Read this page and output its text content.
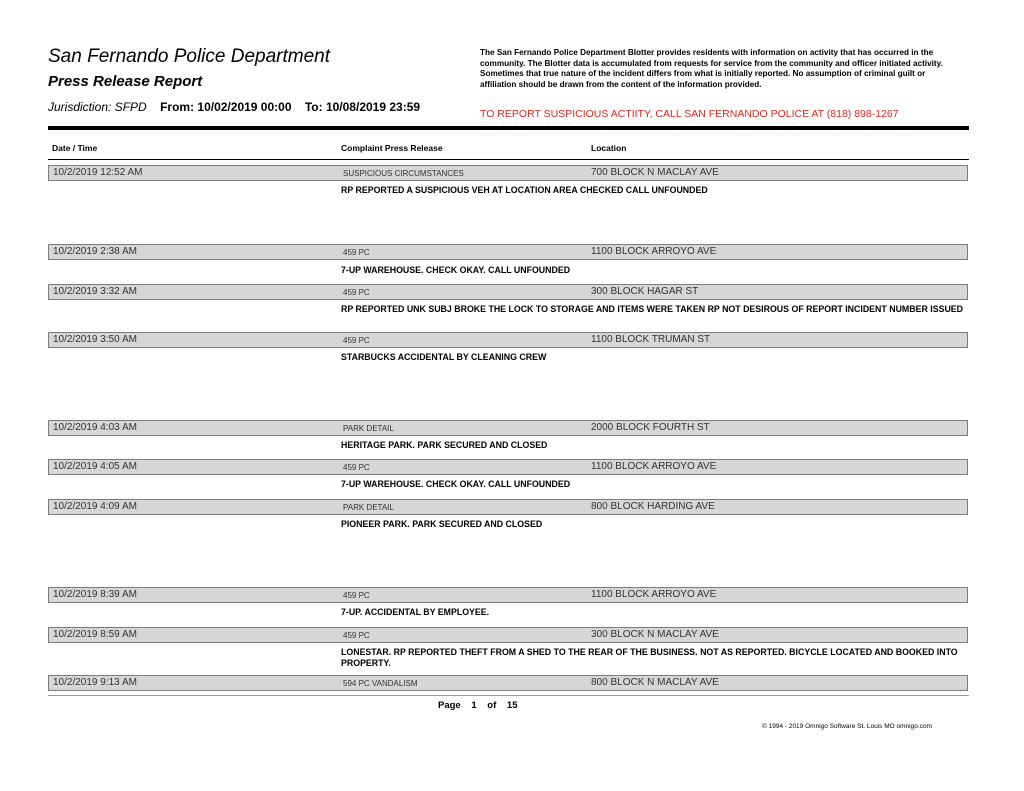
San Fernando Police Department
Press Release Report
Jurisdiction: SFPD From: 10/02/2019 00:00 To: 10/08/2019 23:59
The San Fernando Police Department Blotter provides residents with information on activity that has occurred in the community. The Blotter data is accumulated from requests for service from the community and officer initiated activity. Sometimes that true nature of the incident differs from what is initially reported. No assumption of criminal guilt or affiliation should be drawn from the content of the information provided.
TO REPORT SUSPICIOUS ACTIITY, CALL SAN FERNANDO POLICE AT (818) 898-1267
Date / Time	Complaint Press Release	Location
10/2/2019 12:52 AM	SUSPICIOUS CIRCUMSTANCES	700 BLOCK N MACLAY AVE
RP REPORTED A SUSPICIOUS VEH AT LOCATION AREA CHECKED CALL UNFOUNDED
10/2/2019 2:38 AM	459 PC	1100 BLOCK ARROYO AVE
7-UP WAREHOUSE. CHECK OKAY. CALL UNFOUNDED
10/2/2019 3:32 AM	459 PC	300 BLOCK HAGAR ST
RP REPORTED UNK SUBJ BROKE THE LOCK TO STORAGE AND ITEMS WERE TAKEN RP NOT DESIROUS OF REPORT INCIDENT NUMBER ISSUED
10/2/2019 3:50 AM	459 PC	1100 BLOCK TRUMAN ST
STARBUCKS ACCIDENTAL BY CLEANING CREW
10/2/2019 4:03 AM	PARK DETAIL	2000 BLOCK FOURTH ST
HERITAGE PARK. PARK SECURED AND CLOSED
10/2/2019 4:05 AM	459 PC	1100 BLOCK ARROYO AVE
7-UP WAREHOUSE. CHECK OKAY. CALL UNFOUNDED
10/2/2019 4:09 AM	PARK DETAIL	800 BLOCK HARDING AVE
PIONEER PARK. PARK SECURED AND CLOSED
10/2/2019 8:39 AM	459 PC	1100 BLOCK ARROYO AVE
7-UP. ACCIDENTAL BY EMPLOYEE.
10/2/2019 8:59 AM	459 PC	300 BLOCK N MACLAY AVE
LONESTAR. RP REPORTED THEFT FROM A SHED TO THE REAR OF THE BUSINESS. NOT AS REPORTED. BICYCLE LOCATED AND BOOKED INTO PROPERTY.
10/2/2019 9:13 AM	594 PC VANDALISM	800 BLOCK N MACLAY AVE
Page 1 of 15
© 1994 - 2019 Omnigo Software St. Louis MO omnigo.com
